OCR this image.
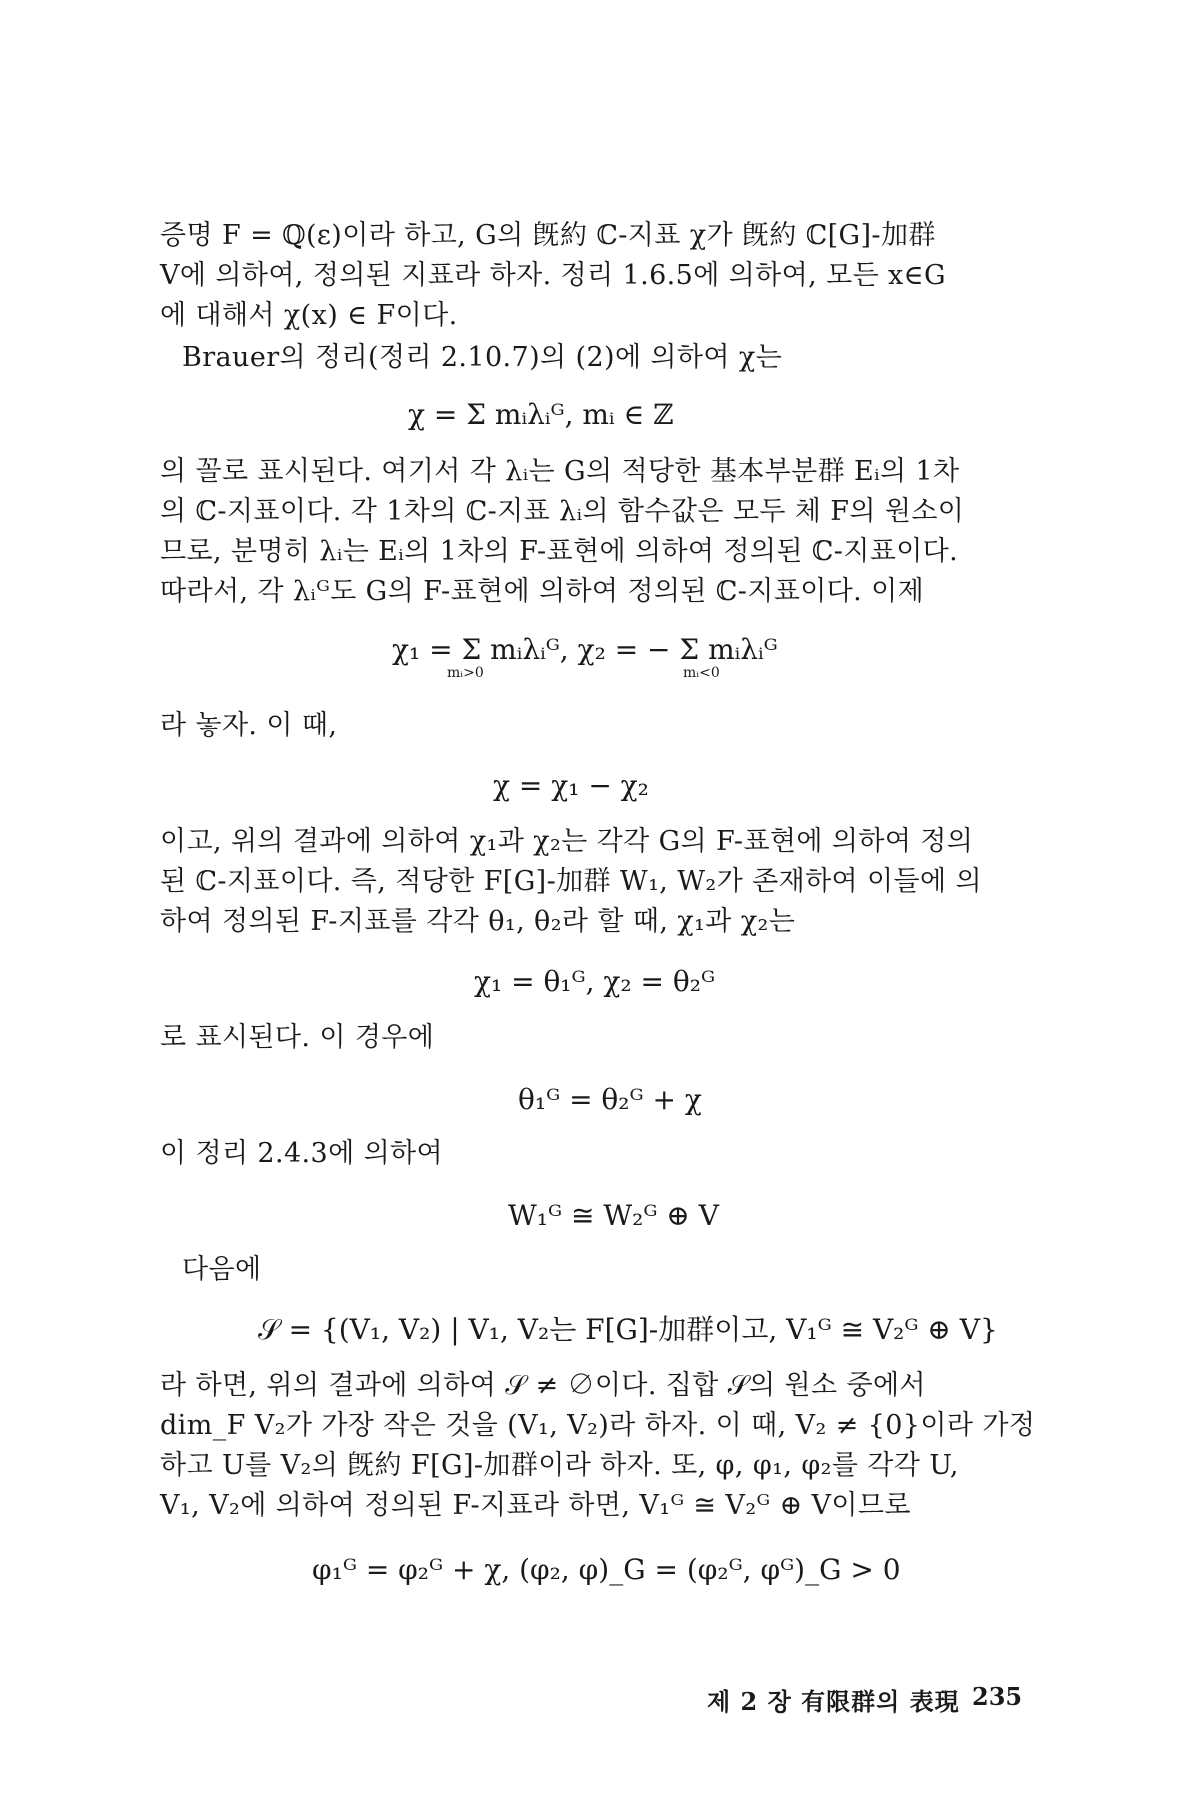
증명 F = ℚ(ε)이라 하고, G의 旣約 ℂ-지표 χ가 旣約 ℂ[G]-加群
V에 의하여, 정의된 지표라 하자. 정리 1.6.5에 의하여, 모든 x∈G
에 대해서 χ(x) ∈ F이다.
Brauer의 정리(정리 2.10.7)의 (2)에 의하여 χ는
χ = Σ mᵢλᵢᴳ, mᵢ ∈ ℤ
의 꼴로 표시된다. 여기서 각 λᵢ는 G의 적당한 基本부분群 Eᵢ의 1차
의 ℂ-지표이다. 각 1차의 ℂ-지표 λᵢ의 함수값은 모두 체 F의 원소이
므로, 분명히 λᵢ는 Eᵢ의 1차의 F-표현에 의하여 정의된 ℂ-지표이다.
따라서, 각 λᵢᴳ도 G의 F-표현에 의하여 정의된 ℂ-지표이다. 이제
χ₁ = Σ mᵢλᵢᴳ, χ₂ = − Σ mᵢλᵢᴳ
mᵢ>0	mᵢ<0
라 놓자. 이 때,
χ = χ₁ − χ₂
이고, 위의 결과에 의하여 χ₁과 χ₂는 각각 G의 F-표현에 의하여 정의
된 ℂ-지표이다. 즉, 적당한 F[G]-加群 W₁, W₂가 존재하여 이들에 의
하여 정의된 F-지표를 각각 θ₁, θ₂라 할 때, χ₁과 χ₂는
χ₁ = θ₁ᴳ, χ₂ = θ₂ᴳ
로 표시된다. 이 경우에
θ₁ᴳ = θ₂ᴳ + χ
이 정리 2.4.3에 의하여
W₁ᴳ ≅ W₂ᴳ ⊕ V
다음에
𝒮 = {(V₁, V₂) | V₁, V₂는 F[G]-加群이고, V₁ᴳ ≅ V₂ᴳ ⊕ V}
라 하면, 위의 결과에 의하여 𝒮 ≠ ∅이다. 집합 𝒮의 원소 중에서
dim_F V₂가 가장 작은 것을 (V₁, V₂)라 하자. 이 때, V₂ ≠ {0}이라 가정
하고 U를 V₂의 旣約 F[G]-加群이라 하자. 또, φ, φ₁, φ₂를 각각 U,
V₁, V₂에 의하여 정의된 F-지표라 하면, V₁ᴳ ≅ V₂ᴳ ⊕ V이므로
φ₁ᴳ = φ₂ᴳ + χ, (φ₂, φ)_G = (φ₂ᴳ, φᴳ)_G > 0
제 2 장 有限群의 表現 235
